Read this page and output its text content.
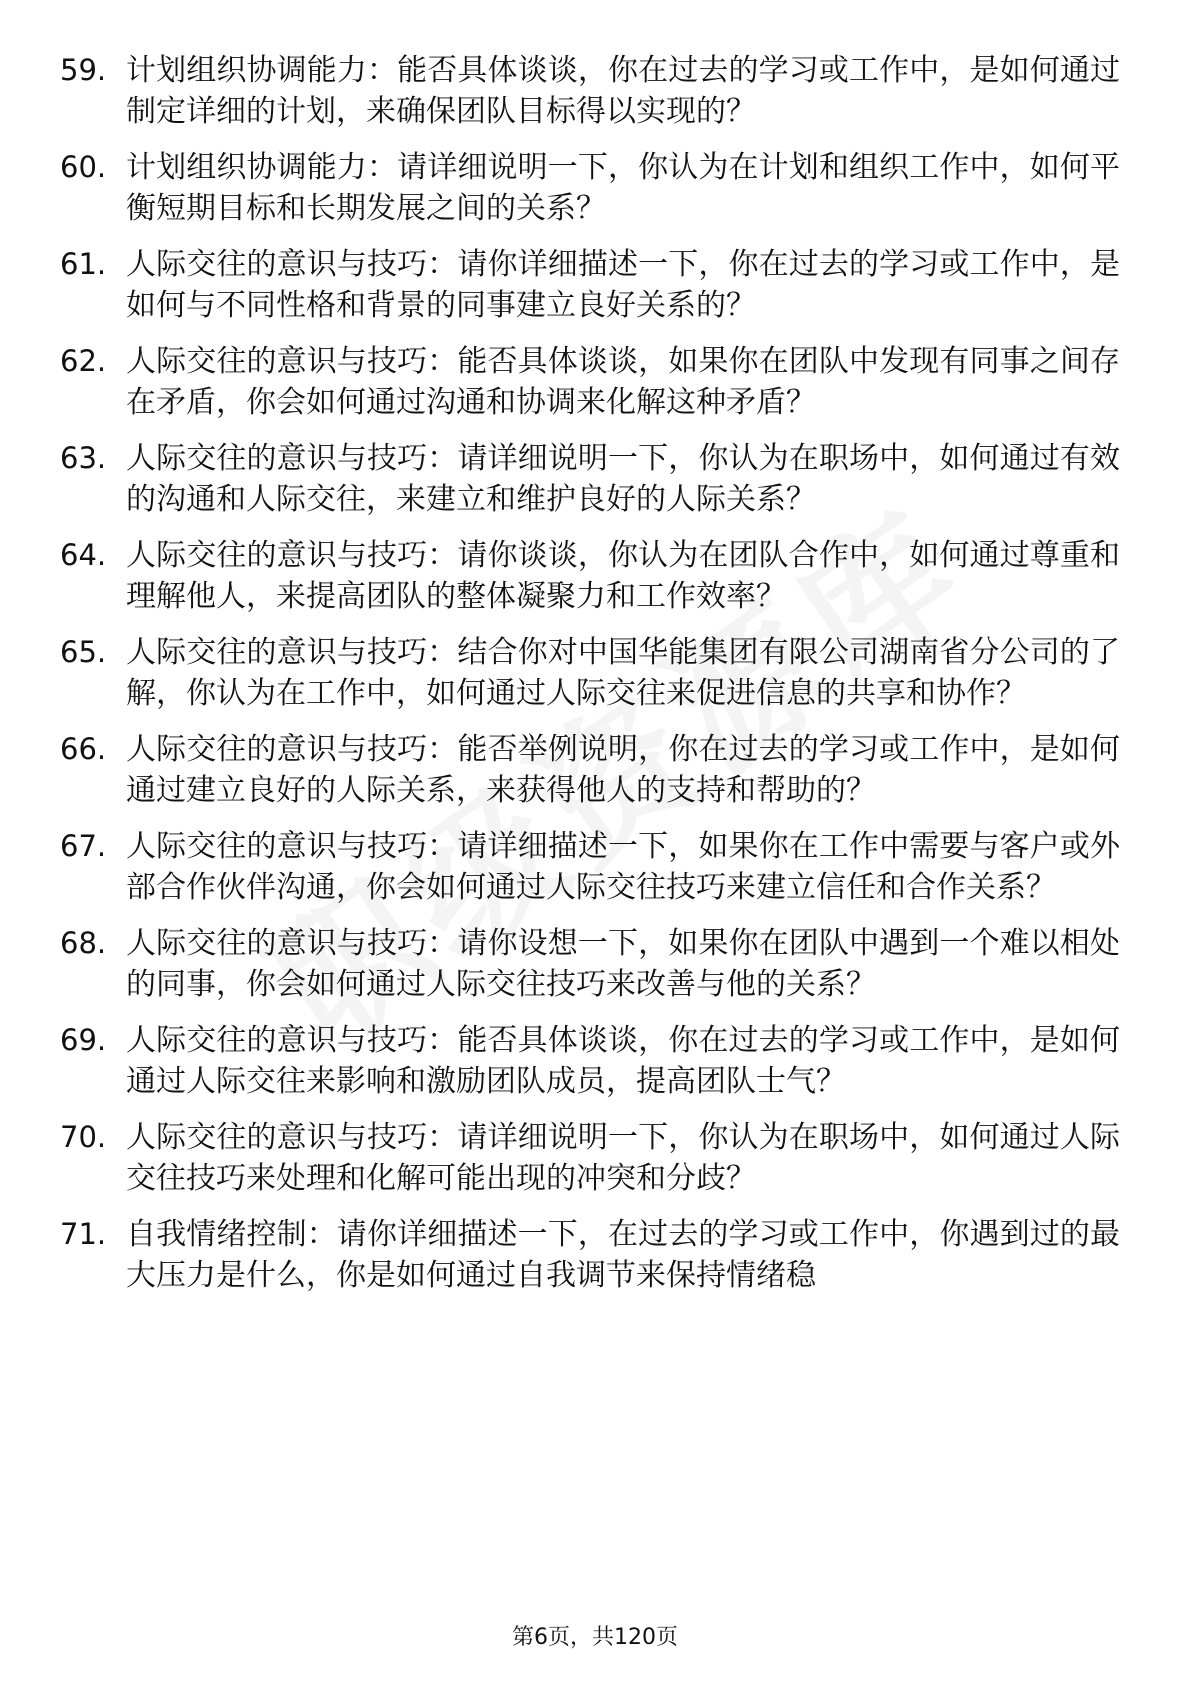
59. 计划组织协调能力：能否具体谈谈，你在过去的学习或工作中，是如何通过制定详细的计划，来确保团队目标得以实现的？
60. 计划组织协调能力：请详细说明一下，你认为在计划和组织工作中，如何平衡短期目标和长期发展之间的关系？
61. 人际交往的意识与技巧：请你详细描述一下，你在过去的学习或工作中，是如何与不同性格和背景的同事建立良好关系的？
62. 人际交往的意识与技巧：能否具体谈谈，如果你在团队中发现有同事之间存在矛盾，你会如何通过沟通和协调来化解这种矛盾？
63. 人际交往的意识与技巧：请详细说明一下，你认为在职场中，如何通过有效的沟通和人际交往，来建立和维护良好的人际关系？
64. 人际交往的意识与技巧：请你谈谈，你认为在团队合作中，如何通过尊重和理解他人，来提高团队的整体凝聚力和工作效率？
65. 人际交往的意识与技巧：结合你对中国华能集团有限公司湖南省分公司的了解，你认为在工作中，如何通过人际交往来促进信息的共享和协作？
66. 人际交往的意识与技巧：能否举例说明，你在过去的学习或工作中，是如何通过建立良好的人际关系，来获得他人的支持和帮助的？
67. 人际交往的意识与技巧：请详细描述一下，如果你在工作中需要与客户或外部合作伙伴沟通，你会如何通过人际交往技巧来建立信任和合作关系？
68. 人际交往的意识与技巧：请你设想一下，如果你在团队中遇到一个难以相处的同事，你会如何通过人际交往技巧来改善与他的关系？
69. 人际交往的意识与技巧：能否具体谈谈，你在过去的学习或工作中，是如何通过人际交往来影响和激励团队成员，提高团队士气？
70. 人际交往的意识与技巧：请详细说明一下，你认为在职场中，如何通过人际交往技巧来处理和化解可能出现的冲突和分歧？
71. 自我情绪控制：请你详细描述一下，在过去的学习或工作中，你遇到过的最大压力是什么，你是如何通过自我调节来保持情绪稳
第6页，共120页
